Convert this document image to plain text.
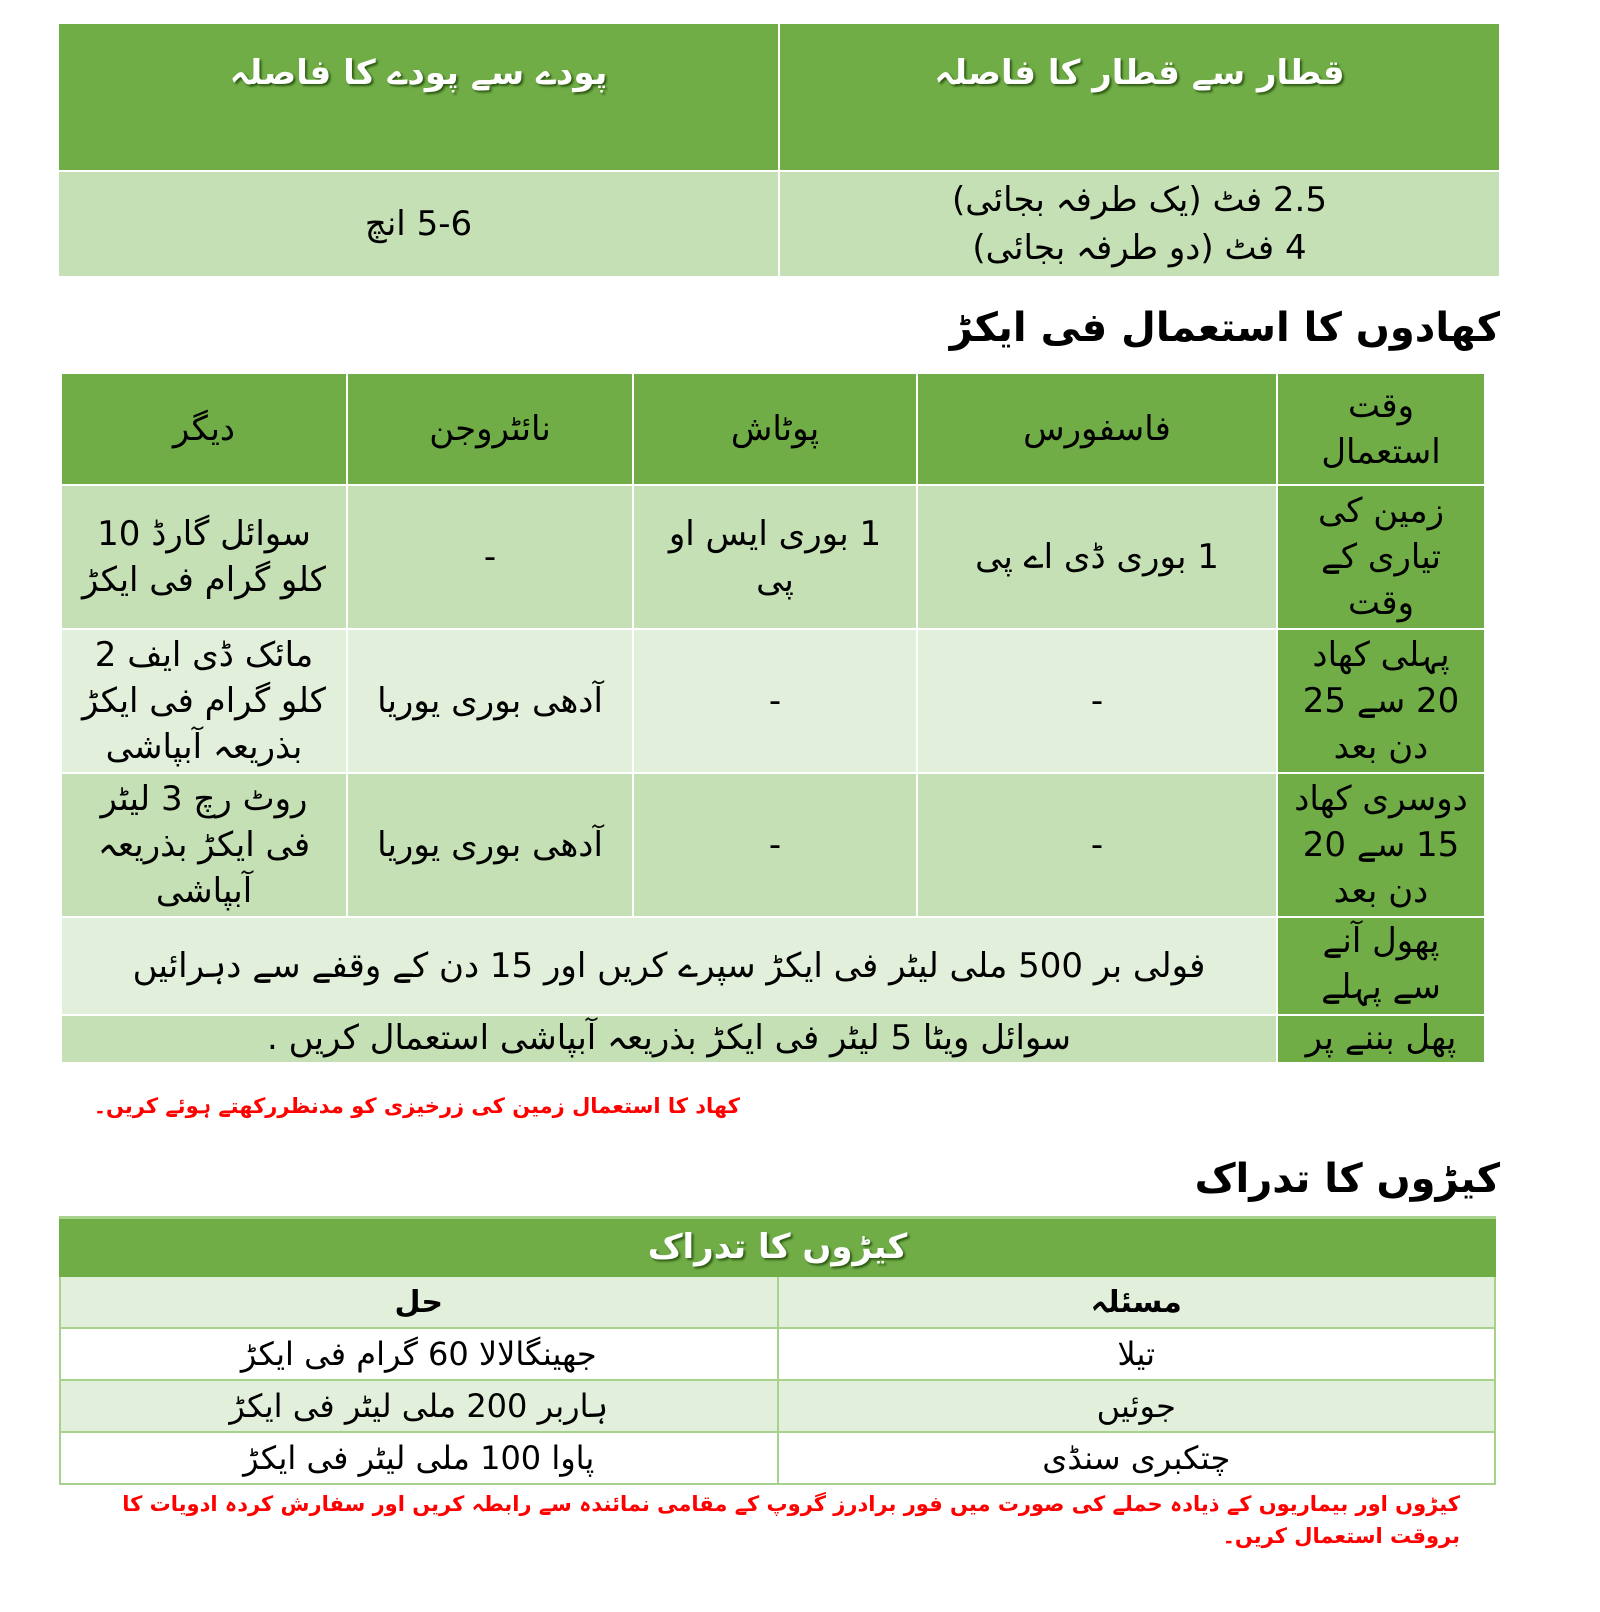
قطار سے قطار کا فاصلہ	پودے سے پودے کا فاصلہ

2.5 فٹ (یک طرفہ بجائی)
4 فٹ (دو طرفہ بجائی)	5-6 انچ
کھادوں کا استعمال فی ایکڑ
وقت استعمال	فاسفورس	پوٹاش	نائٹروجن	دیگر
زمین کی تیاری کے وقت	1 بوری ڈی اے پی	1 بوری ایس او پی	-	سوائل گارڈ 10 کلو گرام فی ایکڑ
پہلی کھاد 20 سے 25 دن بعد	-	-	آدھی بوری یوریا	مائک ڈی ایف 2 کلو گرام فی ایکڑ بذریعہ آبپاشی
دوسری کھاد 15 سے 20 دن بعد	-	-	آدھی بوری یوریا	روٹ رچ 3 لیٹر فی ایکڑ بذریعہ آبپاشی

پھول آنے سے پہلے	فولی بر 500 ملی لیٹر فی ایکڑ سپرے کریں اور 15 دن کے وقفے سے دہرائیں			

پھل بننے پر	سوائل ویٹا 5 لیٹر فی ایکڑ بذریعہ آبپاشی استعمال کریں .			
کھاد کا استعمال زمین کی زرخیزی کو مدنظررکھتے ہوئے کریں۔
کیڑوں کا تدراک
کیڑوں کا تدراک	
مسئلہ	حل
تیلا	جھینگالالا 60 گرام فی ایکڑ
جوئیں	ہاربر 200 ملی لیٹر فی ایکڑ
چتکبری سنڈی	پاوا 100 ملی لیٹر فی ایکڑ
کیڑوں اور بیماریوں کے ذیادہ حملے کی صورت میں فور برادرز گروپ کے مقامی نمائندہ سے رابطہ کریں اور سفارش کردہ ادویات کا بروقت استعمال کریں۔
